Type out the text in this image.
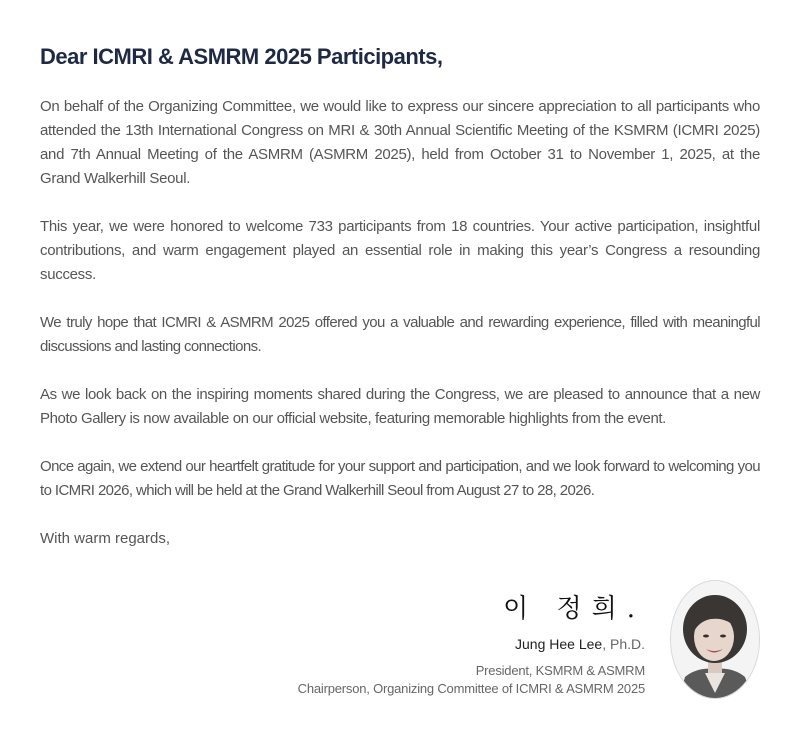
Dear ICMRI & ASMRM 2025 Participants,

On behalf of the Organizing Committee, we would like to express our sincere appreciation to all participants who attended the 13th International Congress on MRI & 30th Annual Scientific Meeting of the KSMRM (ICMRI 2025) and 7th Annual Meeting of the ASMRM (ASMRM 2025), held from October 31 to November 1, 2025, at the Grand Walkerhill Seoul.

This year, we were honored to welcome 733 participants from 18 countries. Your active participation, insightful contributions, and warm engagement played an essential role in making this year’s Congress a resounding success.

We truly hope that ICMRI & ASMRM 2025 offered you a valuable and rewarding experience, filled with meaningful discussions and lasting connections.

As we look back on the inspiring moments shared during the Congress, we are pleased to announce that a new Photo Gallery is now available on our official website, featuring memorable highlights from the event.

Once again, we extend our heartfelt gratitude for your support and participation, and we look forward to welcoming you to ICMRI 2026, which will be held at the Grand Walkerhill Seoul from August 27 to 28, 2026.

With warm regards,

이 정희.
Jung Hee Lee, Ph.D.
President, KSMRM & ASMRM
Chairperson, Organizing Committee of ICMRI & ASMRM 2025
